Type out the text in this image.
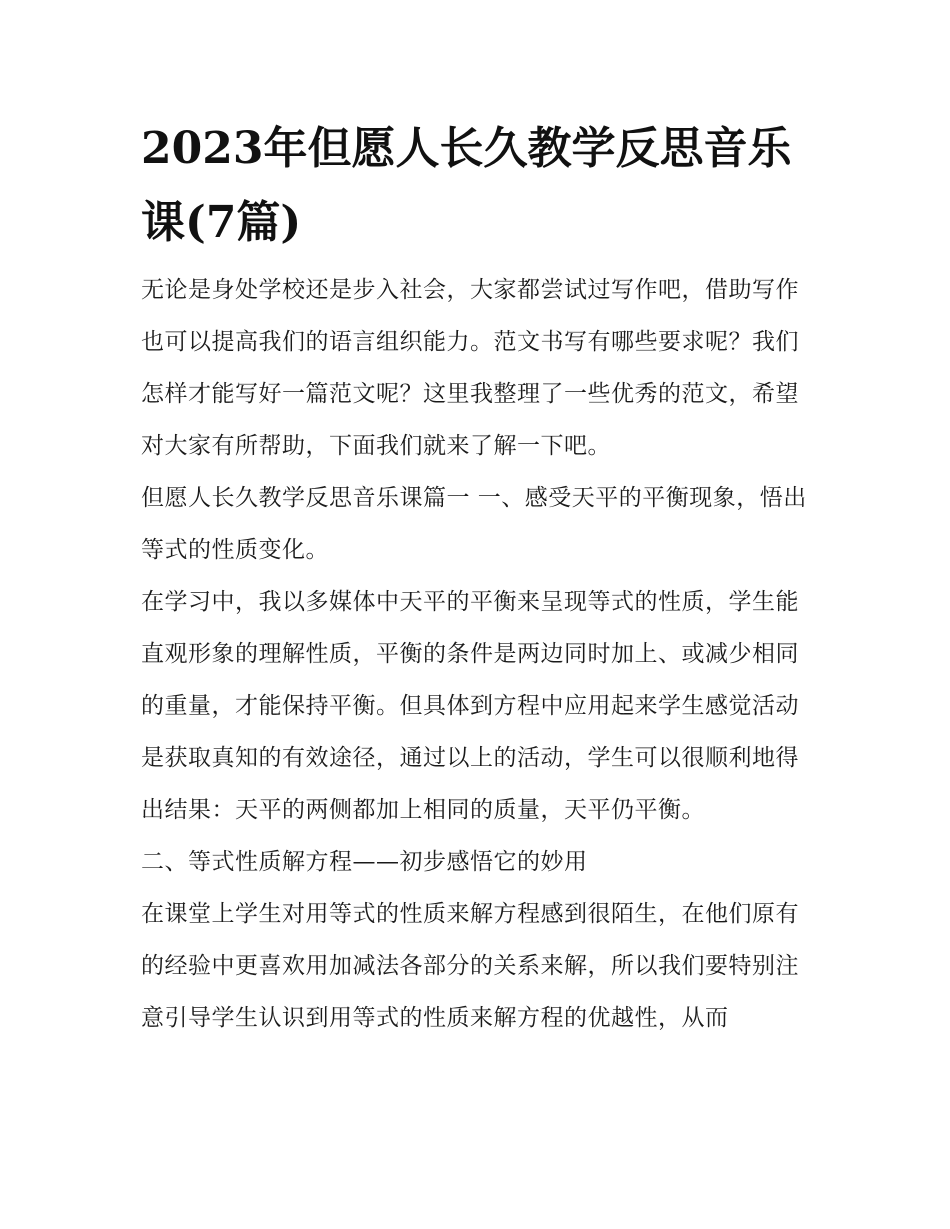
2023年但愿人长久教学反思音乐课(7篇)

无论是身处学校还是步入社会，大家都尝试过写作吧，借助写作也可以提高我们的语言组织能力。范文书写有哪些要求呢？我们怎样才能写好一篇范文呢？这里我整理了一些优秀的范文，希望对大家有所帮助，下面我们就来了解一下吧。

但愿人长久教学反思音乐课篇一 一、感受天平的平衡现象，悟出等式的性质变化。

在学习中，我以多媒体中天平的平衡来呈现等式的性质，学生能直观形象的理解性质，平衡的条件是两边同时加上、或减少相同的重量，才能保持平衡。但具体到方程中应用起来学生感觉活动是获取真知的有效途径，通过以上的活动，学生可以很顺利地得出结果：天平的两侧都加上相同的质量，天平仍平衡。

二、等式性质解方程——初步感悟它的妙用

在课堂上学生对用等式的性质来解方程感到很陌生，在他们原有的经验中更喜欢用加减法各部分的关系来解，所以我们要特别注意引导学生认识到用等式的性质来解方程的优越性，从而
